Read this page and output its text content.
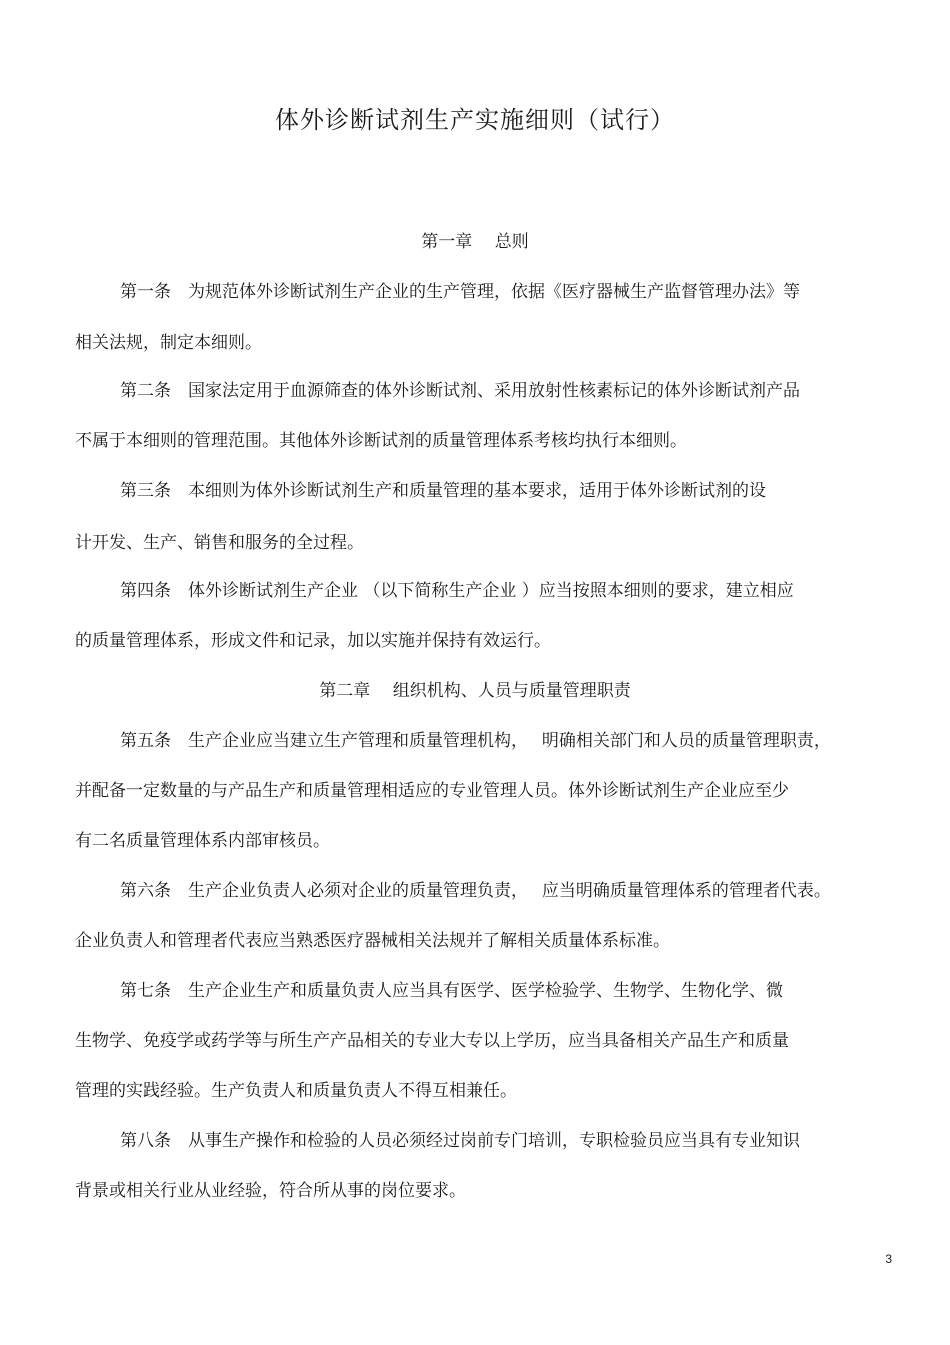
体外诊断试剂生产实施细则（试行）
第一章　 总则
第一条　为规范体外诊断试剂生产企业的生产管理，依据《医疗器械生产监督管理办法》等
相关法规，制定本细则。
第二条　国家法定用于血源筛查的体外诊断试剂、采用放射性核素标记的体外诊断试剂产品
不属于本细则的管理范围。其他体外诊断试剂的质量管理体系考核均执行本细则。
第三条　本细则为体外诊断试剂生产和质量管理的基本要求，适用于体外诊断试剂的设
计开发、生产、销售和服务的全过程。
第四条　体外诊断试剂生产企业 （以下简称生产企业 ）应当按照本细则的要求，建立相应
的质量管理体系，形成文件和记录，加以实施并保持有效运行。
第二章　 组织机构、人员与质量管理职责
第五条　生产企业应当建立生产管理和质量管理机构，　 明确相关部门和人员的质量管理职责，
并配备一定数量的与产品生产和质量管理相适应的专业管理人员。体外诊断试剂生产企业应至少
有二名质量管理体系内部审核员。
第六条　生产企业负责人必须对企业的质量管理负责，　 应当明确质量管理体系的管理者代表。
企业负责人和管理者代表应当熟悉医疗器械相关法规并了解相关质量体系标准。
第七条　生产企业生产和质量负责人应当具有医学、医学检验学、生物学、生物化学、微
生物学、免疫学或药学等与所生产产品相关的专业大专以上学历，应当具备相关产品生产和质量
管理的实践经验。生产负责人和质量负责人不得互相兼任。
第八条　从事生产操作和检验的人员必须经过岗前专门培训，专职检验员应当具有专业知识
背景或相关行业从业经验，符合所从事的岗位要求。
3
